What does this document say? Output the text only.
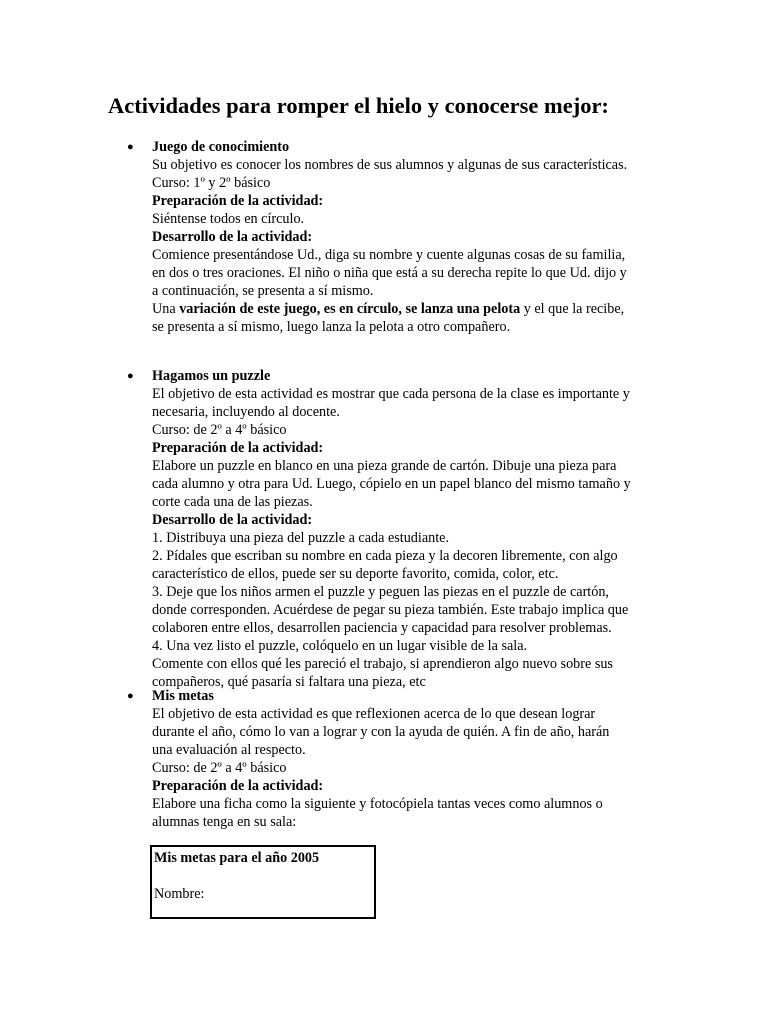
Actividades para romper el hielo y conocerse mejor:
● Juego de conocimiento
Su objetivo es conocer los nombres de sus alumnos y algunas de sus características.
Curso: 1º y 2º básico
Preparación de la actividad:
Siéntense todos en círculo.
Desarrollo de la actividad:
Comience presentándose Ud., diga su nombre y cuente algunas cosas de su familia,
en dos o tres oraciones. El niño o niña que está a su derecha repite lo que Ud. dijo y
a continuación, se presenta a sí mismo.
Una variación de este juego, es en círculo, se lanza una pelota y el que la recibe,
se presenta a sí mismo, luego lanza la pelota a otro compañero.
● Hagamos un puzzle
El objetivo de esta actividad es mostrar que cada persona de la clase es importante y
necesaria, incluyendo al docente.
Curso: de 2º a 4º básico
Preparación de la actividad:
Elabore un puzzle en blanco en una pieza grande de cartón. Dibuje una pieza para
cada alumno y otra para Ud. Luego, cópielo en un papel blanco del mismo tamaño y
corte cada una de las piezas.
Desarrollo de la actividad:
1. Distribuya una pieza del puzzle a cada estudiante.
2. Pídales que escriban su nombre en cada pieza y la decoren libremente, con algo
característico de ellos, puede ser su deporte favorito, comida, color, etc.
3. Deje que los niños armen el puzzle y peguen las piezas en el puzzle de cartón,
donde corresponden. Acuérdese de pegar su pieza también. Este trabajo implica que
colaboren entre ellos, desarrollen paciencia y capacidad para resolver problemas.
4. Una vez listo el puzzle, colóquelo en un lugar visible de la sala.
Comente con ellos qué les pareció el trabajo, si aprendieron algo nuevo sobre sus
compañeros, qué pasaría si faltara una pieza, etc
● Mis metas
El objetivo de esta actividad es que reflexionen acerca de lo que desean lograr
durante el año, cómo lo van a lograr y con la ayuda de quién. A fin de año, harán
una evaluación al respecto.
Curso: de 2º a 4º básico
Preparación de la actividad:
Elabore una ficha como la siguiente y fotocópiela tantas veces como alumnos o
alumnas tenga en su sala:
Mis metas para el año 2005
Nombre:
